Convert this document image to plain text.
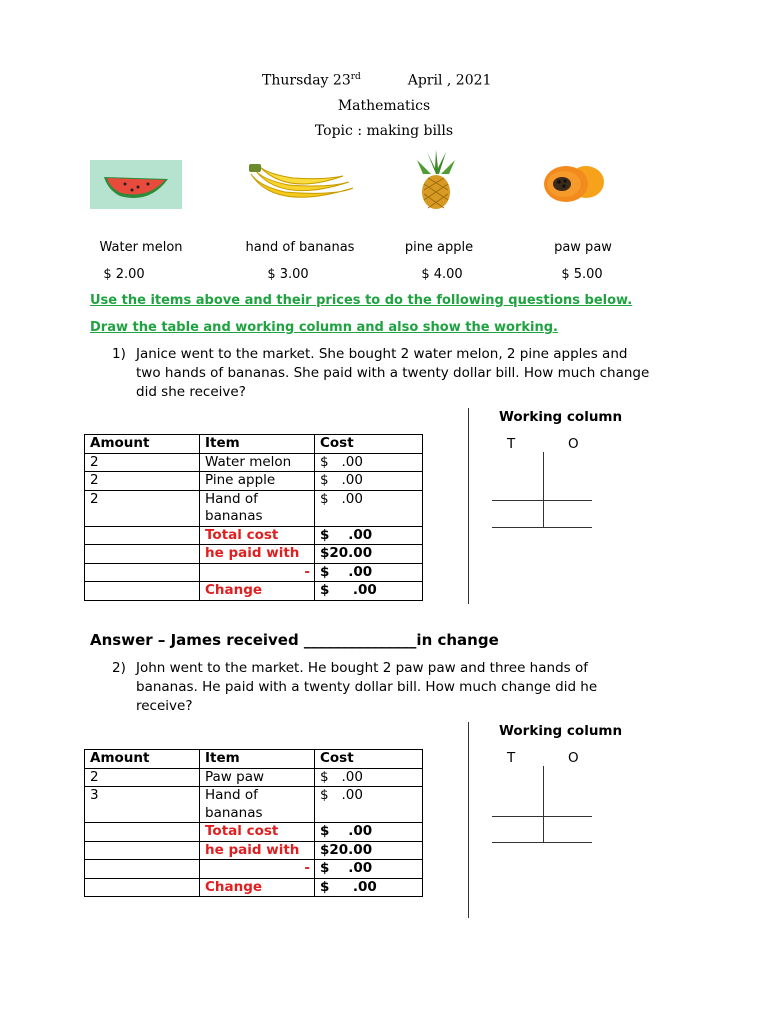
Thursday 23rd	April , 2021
Mathematics
Topic : making bills
Water melon	hand of bananas	pine apple	paw paw
$ 2.00	$ 3.00	$ 4.00	$ 5.00
Use the items above and their prices to do the following questions below.
Draw the table and working column and also show the working.
1) Janice went to the market. She bought 2 water melon, 2 pine apples and
two hands of bananas. She paid with a twenty dollar bill. How much change
did she receive?
Working column
T	O
Amount	Item	Cost
2	Water melon	$   .00
2	Pine apple	$   .00
2	Hand of bananas	$   .00
	Total cost	$    .00
	he paid with	$20.00
	-	$    .00
	Change	$     .00
Answer – James received _______________in change
2) John went to the market. He bought 2 paw paw and three hands of
bananas. He paid with a twenty dollar bill. How much change did he
receive?
Working column
T	O
Amount	Item	Cost
2	Paw paw	$   .00
3	Hand of bananas	$   .00
	Total cost	$    .00
	he paid with	$20.00
	-	$    .00
	Change	$     .00
